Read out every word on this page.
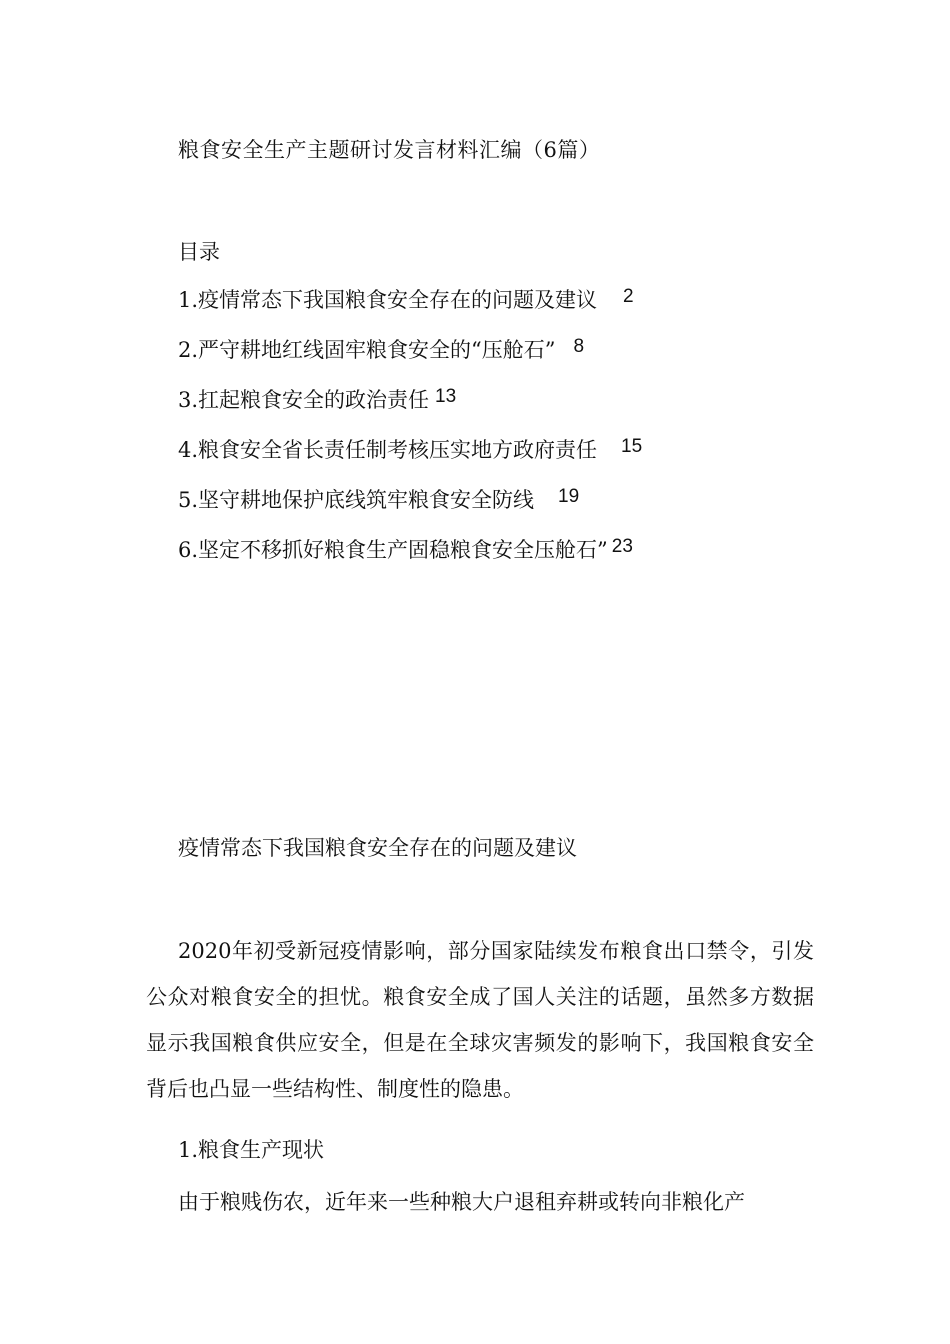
粮食安全生产主题研讨发言材料汇编（6篇）
目录
1.疫情常态下我国粮食安全存在的问题及建议 2
2.严守耕地红线固牢粮食安全的“压舱石” 8
3.扛起粮食安全的政治责任 13
4.粮食安全省长责任制考核压实地方政府责任 15
5.坚守耕地保护底线筑牢粮食安全防线 19
6.坚定不移抓好粮食生产固稳粮食安全压舱石” 23
疫情常态下我国粮食安全存在的问题及建议

2020年初受新冠疫情影响，部分国家陆续发布粮食出口禁令，引发公众对粮食安全的担忧。粮食安全成了国人关注的话题，虽然多方数据显示我国粮食供应安全，但是在全球灾害频发的影响下，我国粮食安全背后也凸显一些结构性、制度性的隐患。

1.粮食生产现状

由于粮贱伤农，近年来一些种粮大户退租弃耕或转向非粮化产
